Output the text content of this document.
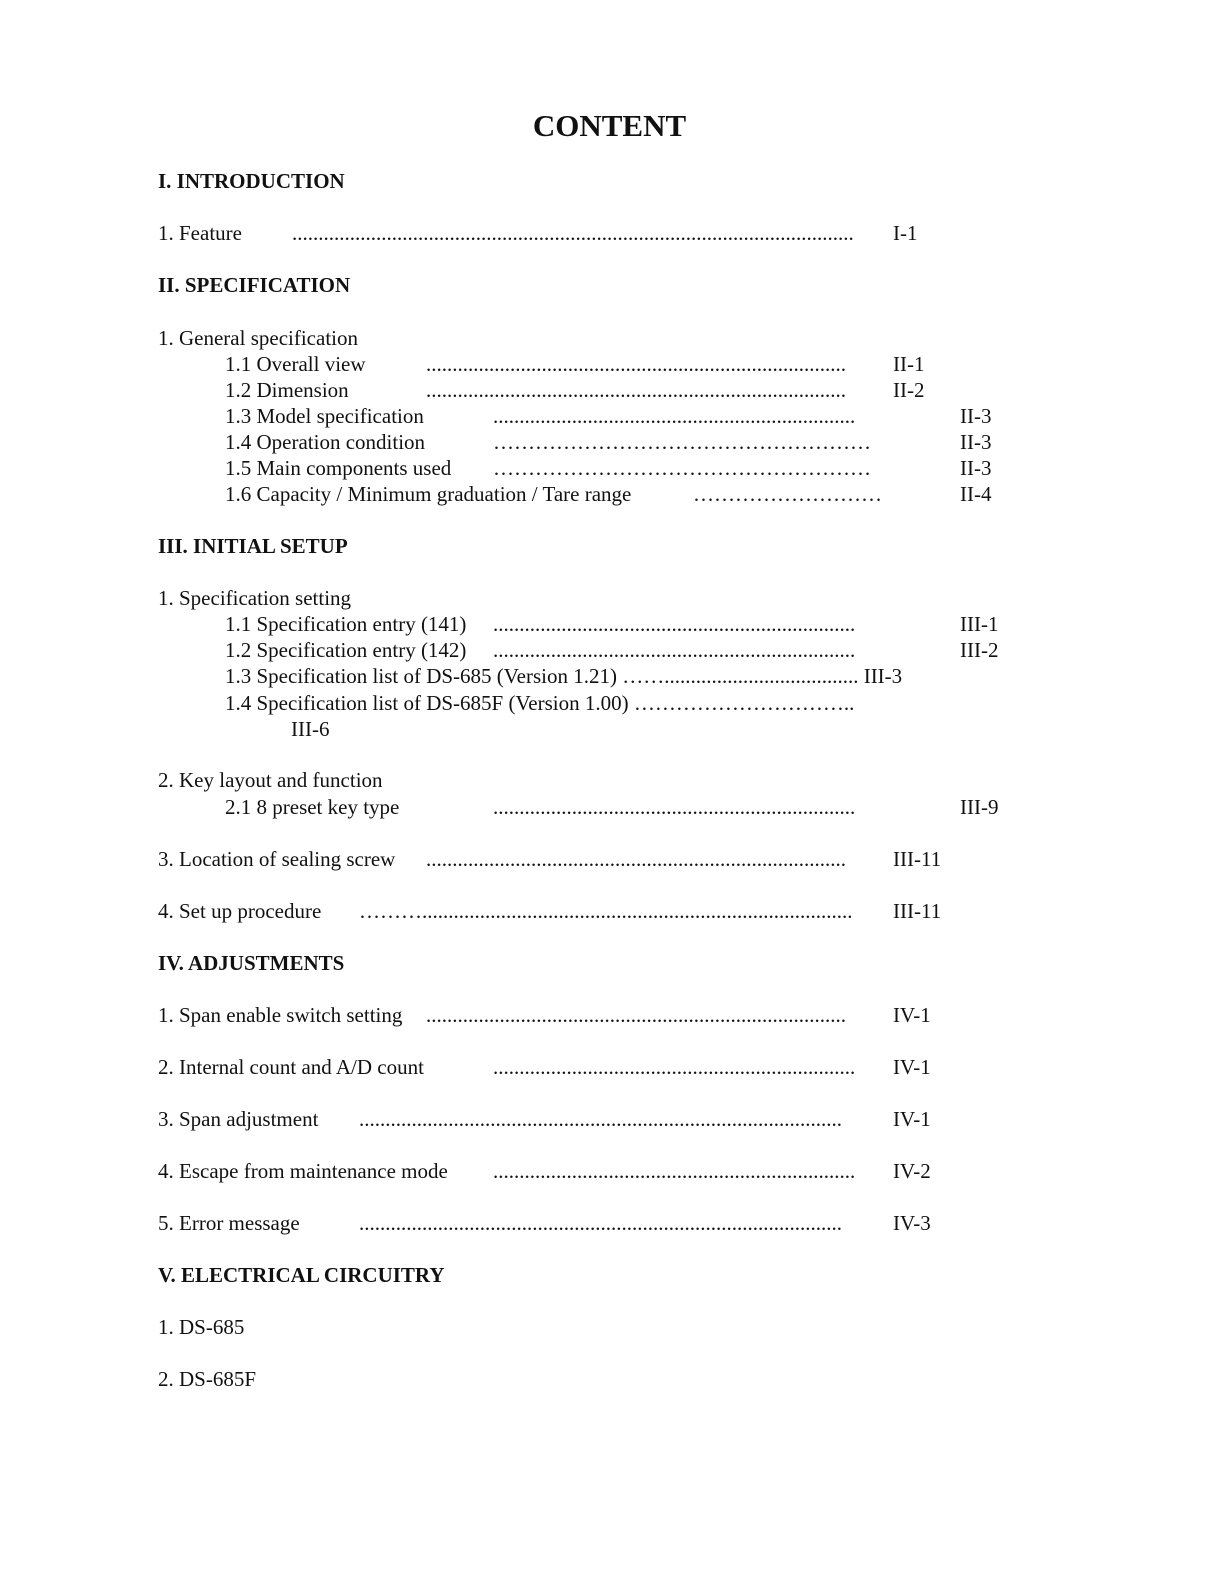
CONTENT
I. INTRODUCTION
1. Feature ...........................................................................................................	I-1
II. SPECIFICATION
1. General specification
1.1 Overall view	................................................................................	II-1
1.2 Dimension	................................................................................	II-2
1.3 Model specification	.....................................................................	II-3
1.4 Operation condition	………………………………………………	II-3
1.5 Main components used ………………………………………………	II-3
1.6 Capacity / Minimum graduation / Tare range	………………………	II-4
III. INITIAL SETUP
1. Specification setting
1.1 Specification entry (141) .....................................................................	III-1
1.2 Specification entry (142) .....................................................................	III-2
1.3 Specification list of DS-685 (Version 1.21) ……..................................... III-3
1.4 Specification list of DS-685F (Version 1.00) …………………………..
III-6
2. Key layout and function
2.1 8 preset key type	.....................................................................	III-9
3. Location of sealing screw ................................................................................	III-11
4. Set up procedure ………..................................................................................	III-11
IV. ADJUSTMENTS
1. Span enable switch setting ................................................................................	IV-1
2. Internal count and A/D count	.....................................................................	IV-1
3. Span adjustment ............................................................................................	IV-1
4. Escape from maintenance mode .....................................................................	IV-2
5. Error message	............................................................................................	IV-3
V. ELECTRICAL CIRCUITRY
1. DS-685
2. DS-685F
